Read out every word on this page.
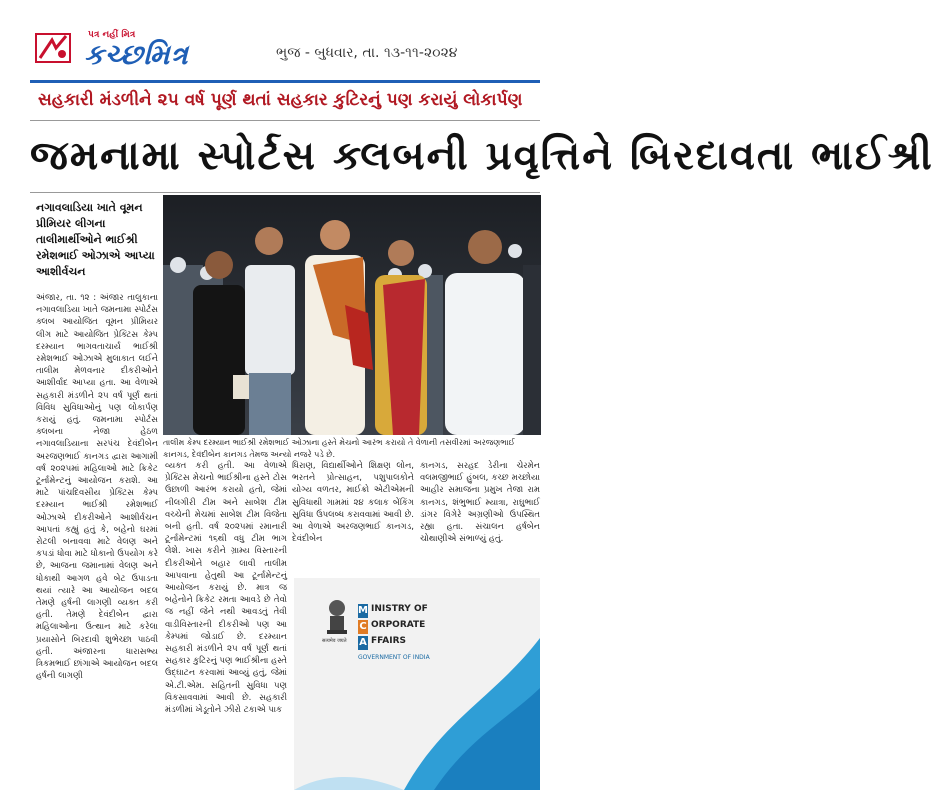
પત્ર નહીં મિત્ર
કચ્છમિત્ર	ભુજ - બુધવાર, તા. ૧૩-૧૧-૨૦૨૪
સહકારી મંડળીને ૨૫ વર્ષ પૂર્ણ થતાં સહકાર કુટિરનું પણ કરાયું લોકાર્પણ
જમનામા સ્પોર્ટસ ક્લબની પ્રવૃત્તિને બિરદાવતા ભાઈશ્રી
નગાવલાડિયા ખાતે વૂમન પ્રીમિયર લીગના તાલીમાર્થીઓને ભાઈશ્રી રમેશભાઈ ઓઝાએ આપ્યા આશીર્વચન
તાલીમ કેમ્પ દરમ્યાન ભાઈશ્રી રમેશભાઈ ઓઝાના હસ્તે મેચનો આરંભ કરાયો તે વેળાની તસવીરમાં અરજણભાઈ કાનગડ, દેવંદીબેન કાનગડ તેમજ અન્યો નજરે પડે છે.
અંજાર, તા. ૧૨ : અંજાર તાલુકાના નગાવલાડિયા ખાતે જમનામા સ્પોર્ટસ ક્લબ આયોજિત વૂમન પ્રીમિયર લીગ માટે આયોજિત પ્રેક્ટિસ કેમ્પ દરમ્યાન ભાગવતાચાર્ય ભાઈશ્રી રમેશભાઈ ઓઝાએ મુલાકાત લઈને તાલીમ મેળવનાર દીકરીઓને આશીર્વાદ આપ્યા હતા. આ વેળાએ સહકારી મંડળીને ૨૫ વર્ષ પૂર્ણ થતાં વિવિધ સુવિધાઓનું પણ લોકાર્પણ કરાયું હતું. જમનામા સ્પોર્ટસ ક્લબના નેજા હેઠળ નગાવલાડિયાના સરપંચ દેવંદીબેન અરજણભાઈ કાનગડ દ્વારા આગામી વર્ષ ૨૦૨૫માં મહિલાઓ માટે ક્રિકેટ ટૂર્નામેન્ટનું આયોજન કરાશે. આ માટે પાંચદિવસીય પ્રેક્ટિસ કેમ્પ દરમ્યાન ભાઈશ્રી રમેશભાઈ ઓઝાએ દીકરીઓને આશીર્વચન આપતાં કહ્યું હતું કે, બહેનો ઘરમાં રોટલી બનાવવા માટે વેલણ અને કપડાં ધોવા માટે ધોકાનો ઉપયોગ કરે છે, આજના જમાનામાં વેલણ અને ધોકાથી આગળ હવે બેટ ઉપાડતા થયાં ત્યારે આ આયોજન બદલ તેમણે હર્ષની લાગણી વ્યક્ત કરી હતી. તેમણે દેવંદીબેન દ્વારા મહિલાઓના ઉત્થાન માટે કરેલા પ્રયાસોને બિરદાવી શુભેચ્છા પાઠવી હતી. અંજારના ધારાસભ્ય ત્રિકમભાઈ છાંગાએ આયોજન બદલ હર્ષની લાગણી
વ્યક્ત કરી હતી. આ વેળાએ પ્રેક્ટિસ મેચનો ભાઈશ્રીના હસ્તે ટોસ ઉછાળી આરંભ કરાયો હતો, જેમાં નીલગીરી ટીમ અને સાબેશ ટીમ વચ્ચેની મેચમાં સાબેશ ટીમ વિજેતા બની હતી. વર્ષ ૨૦૨૫માં રમાનારી ટૂર્નામેન્ટમાં ૧૬થી વધુ ટીમ ભાગ લેશે. ખાસ કરીને ગ્રામ્ય વિસ્તારની દીકરીઓને બહાર લાવી તાલીમ આપવાના હેતુથી આ ટૂર્નામેન્ટનું આયોજન કરાયું છે. માત્ર જ બહેનોને ક્રિકેટ રમતા આવડે છે તેવો જ નહીં જેને નથી આવડતું તેવી વાડીવિસ્તારની દીકરીઓ પણ આ કેમ્પમાં જોડાઈ છે. દરમ્યાન સહકારી મંડળીને ૨૫ વર્ષ પૂર્ણ થતાં સહકાર કુટિરનું પણ ભાઈશ્રીના હસ્તે ઉદ્ઘાટન કરવામાં આવ્યું હતું, જેમાં એ.ટી.એમ. સહિતની સુવિધા પણ વિકસાવવામાં આવી છે. સહકારી મંડળીમાં ખેડૂતોને ઝીરો ટકાએ પાક
ધિરાણ, વિદ્યાર્થીઓને શિક્ષણ લોન, ભરતને પ્રોત્સાહન, પશુપાલકોને યોગ્ય વળતર, માઈક્રો એટીએમની સુવિધાથી ગામમાં ૨૪ કલાક બેંકિંગ સુવિધા ઉપલબ્ધ કરાવવામાં આવી છે. આ વેળાએ અરજણભાઈ કાનગડ, દેવંદીબેન
કાનગડ, સરહદ ડેરીના ચેરમેન વલમજીભાઈ હુંબલ, કચ્છ મચ્છોયા આહીર સમાજના પ્રમુખ તેજા રામ કાનગડ, શંભુભાઈ મ્યાત્રા, રાઘુભાઈ ડાંગર વિગેરે અગ્રણીઓ ઉપસ્થિત રહ્યા હતા. સંચાલન હર્ષબેન ચોથાણીએ સંભાળ્યું હતું.
सत्यमेव जयते
M INISTRY OF
C ORPORATE
A FFAIRS
GOVERNMENT OF INDIA
